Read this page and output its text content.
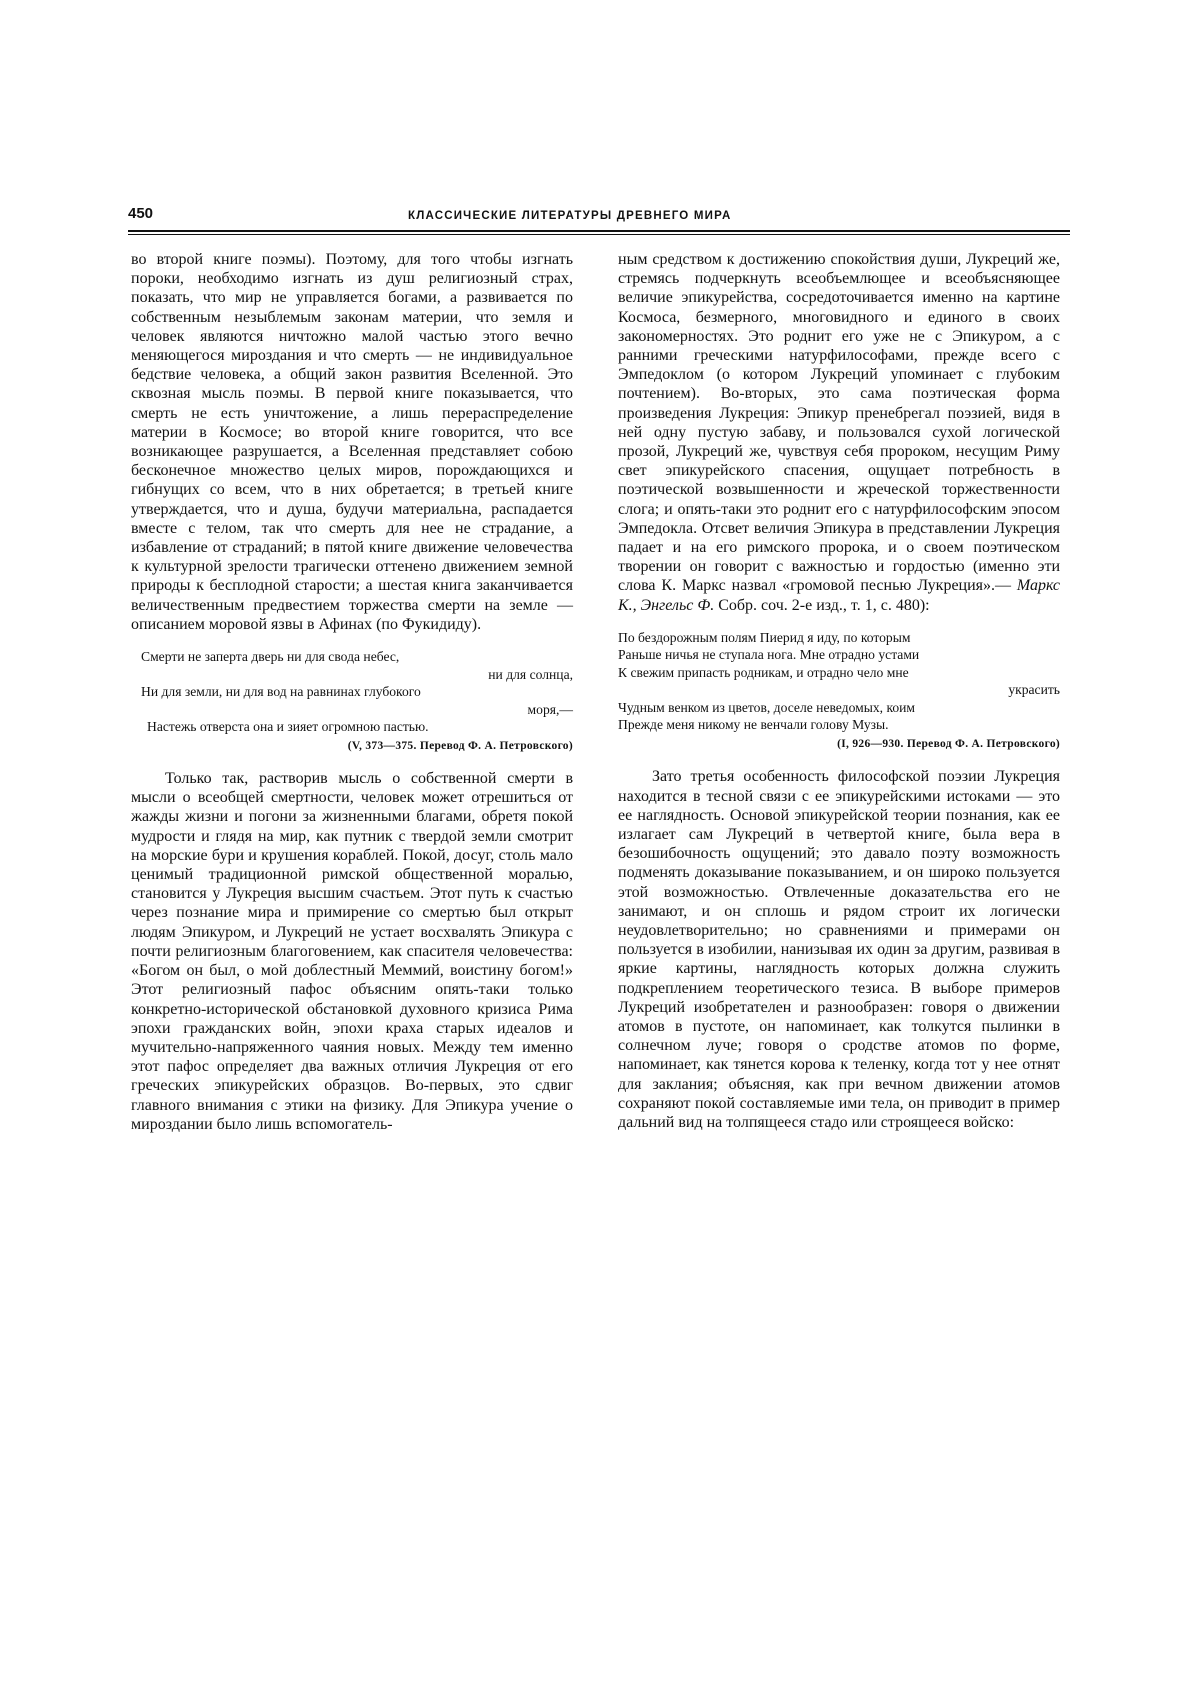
450	КЛАССИЧЕСКИЕ ЛИТЕРАТУРЫ ДРЕВНЕГО МИРА

во второй книге поэмы). Поэтому, для того чтобы изгнать пороки, необходимо изгнать из душ религиозный страх, показать, что мир не управляется богами, а развивается по собственным незыблемым законам материи, что земля и человек являются ничтожно малой частью этого вечно меняющегося мироздания и что смерть — не индивидуальное бедствие человека, а общий закон развития Вселенной. Это сквозная мысль поэмы. В первой книге показывается, что смерть не есть уничтожение, а лишь перераспределение материи в Космосе; во второй книге говорится, что все возникающее разрушается, а Вселенная представляет собою бесконечное множество целых миров, порождающихся и гибнущих со всем, что в них обретается; в третьей книге утверждается, что и душа, будучи материальна, распадается вместе с телом, так что смерть для нее не страдание, а избавление от страданий; в пятой книге движение человечества к культурной зрелости трагически оттенено движением земной природы к бесплодной старости; а шестая книга заканчивается величественным предвестием торжества смерти на земле — описанием моровой язвы в Афинах (по Фукидиду).

Смерти не заперта дверь ни для свода небес,
ни для солнца,
Ни для земли, ни для вод на равнинах глубокого
моря,—
Настежь отверста она и зияет огромною пастью.
(V, 373—375. Перевод Ф. А. Петровского)

Только так, растворив мысль о собственной смерти в мысли о всеобщей смертности, человек может отрешиться от жажды жизни и погони за жизненными благами, обретя покой мудрости и глядя на мир, как путник с твердой земли смотрит на морские бури и крушения кораблей. Покой, досуг, столь мало ценимый традиционной римской общественной моралью, становится у Лукреция высшим счастьем. Этот путь к счастью через познание мира и примирение со смертью был открыт людям Эпикуром, и Лукреций не устает восхвалять Эпикура с почти религиозным благоговением, как спасителя человечества: «Богом он был, о мой доблестный Меммий, воистину богом!» Этот религиозный пафос объясним опять-таки только конкретно-исторической обстановкой духовного кризиса Рима эпохи гражданских войн, эпохи краха старых идеалов и мучительно-напряженного чаяния новых. Между тем именно этот пафос определяет два важных отличия Лукреция от его греческих эпикурейских образцов. Во-первых, это сдвиг главного внимания с этики на физику. Для Эпикура учение о мироздании было лишь вспомогатель-

ным средством к достижению спокойствия души, Лукреций же, стремясь подчеркнуть всеобъемлющее и всеобъясняющее величие эпикурейства, сосредоточивается именно на картине Космоса, безмерного, многовидного и единого в своих закономерностях. Это роднит его уже не с Эпикуром, а с ранними греческими натурфилософами, прежде всего с Эмпедоклом (о котором Лукреций упоминает с глубоким почтением). Во-вторых, это сама поэтическая форма произведения Лукреция: Эпикур пренебрегал поэзией, видя в ней одну пустую забаву, и пользовался сухой логической прозой, Лукреций же, чувствуя себя пророком, несущим Риму свет эпикурейского спасения, ощущает потребность в поэтической возвышенности и жреческой торжественности слога; и опять-таки это роднит его с натурфилософским эпосом Эмпедокла. Отсвет величия Эпикура в представлении Лукреция падает и на его римского пророка, и о своем поэтическом творении он говорит с важностью и гордостью (именно эти слова К. Маркс назвал «громовой песнью Лукреция».— Маркс К., Энгельс Ф. Собр. соч. 2-е изд., т. 1, с. 480):

По бездорожным полям Пиерид я иду, по которым
Раньше ничья не ступала нога. Мне отрадно устами
К свежим припасть родникам, и отрадно чело мне
украсить
Чудным венком из цветов, доселе неведомых, коим
Прежде меня никому не венчали голову Музы.
(I, 926—930. Перевод Ф. А. Петровского)

Зато третья особенность философской поэзии Лукреция находится в тесной связи с ее эпикурейскими истоками — это ее наглядность. Основой эпикурейской теории познания, как ее излагает сам Лукреций в четвертой книге, была вера в безошибочность ощущений; это давало поэту возможность подменять доказывание показыванием, и он широко пользуется этой возможностью. Отвлеченные доказательства его не занимают, и он сплошь и рядом строит их логически неудовлетворительно; но сравнениями и примерами он пользуется в изобилии, нанизывая их один за другим, развивая в яркие картины, наглядность которых должна служить подкреплением теоретического тезиса. В выборе примеров Лукреций изобретателен и разнообразен: говоря о движении атомов в пустоте, он напоминает, как толкутся пылинки в солнечном луче; говоря о сродстве атомов по форме, напоминает, как тянется корова к теленку, когда тот у нее отнят для заклания; объясняя, как при вечном движении атомов сохраняют покой составляемые ими тела, он приводит в пример дальний вид на толпящееся стадо или строящееся войско:
